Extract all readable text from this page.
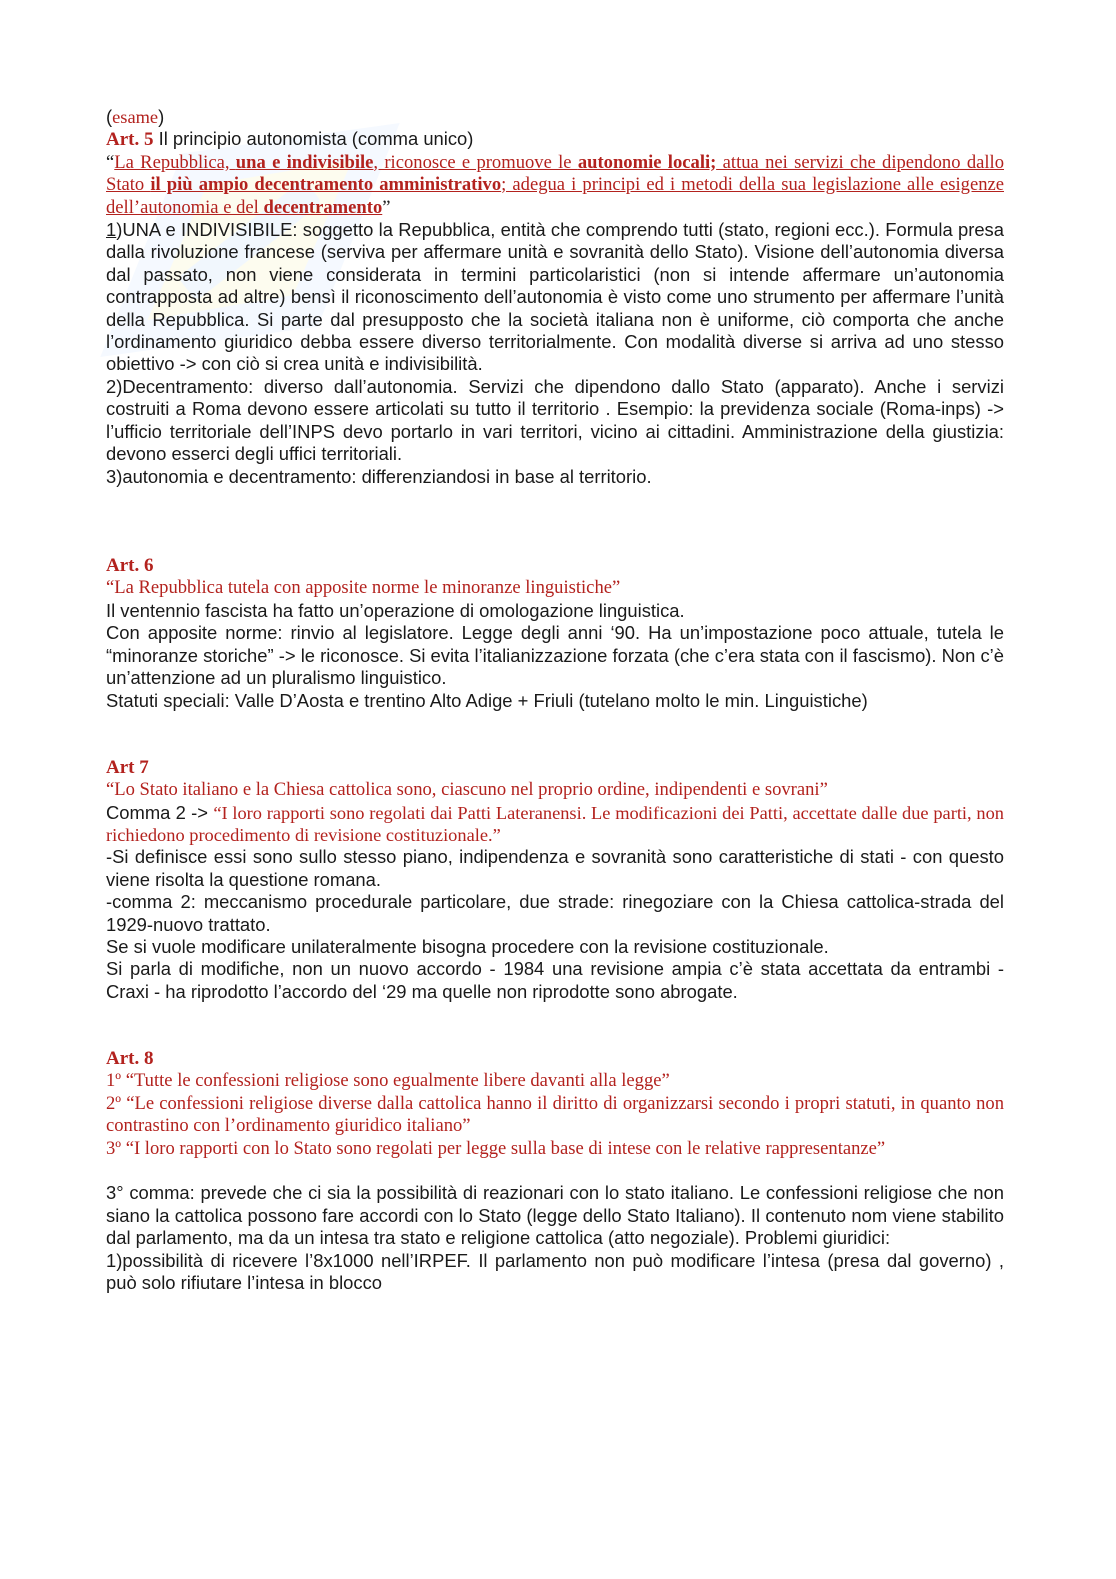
(esame)

Art. 5 Il principio autonomista (comma unico)

“La Repubblica, una e indivisibile, riconosce e promuove le autonomie locali; attua nei servizi che dipendono dallo Stato il più ampio decentramento amministrativo; adegua i principi ed i metodi della sua legislazione alle esigenze dell’autonomia e del decentramento”

1)UNA e INDIVISIBILE: soggetto la Repubblica, entità che comprendo tutti (stato, regioni ecc.). Formula presa dalla rivoluzione francese (serviva per affermare unità e sovranità dello Stato). Visione dell’autonomia diversa dal passato, non viene considerata in termini particolaristici (non si intende affermare un’autonomia contrapposta ad altre) bensì il riconoscimento dell’autonomia è visto come uno strumento per affermare l’unità della Repubblica. Si parte dal presupposto che la società italiana non è uniforme, ciò comporta che anche l’ordinamento giuridico debba essere diverso territorialmente. Con modalità diverse si arriva ad uno stesso obiettivo -> con ciò si crea unità e indivisibilità.

2)Decentramento: diverso dall’autonomia. Servizi che dipendono dallo Stato (apparato). Anche i servizi costruiti a Roma devono essere articolati su tutto il territorio . Esempio: la previdenza sociale (Roma-inps) -> l’ufficio territoriale dell’INPS devo portarlo in vari territori, vicino ai cittadini. Amministrazione della giustizia: devono esserci degli uffici territoriali.

3)autonomia e decentramento: differenziandosi in base al territorio.

Art. 6

“La Repubblica tutela con apposite norme le minoranze linguistiche”

Il ventennio fascista ha fatto un’operazione di omologazione linguistica.

Con apposite norme: rinvio al legislatore. Legge degli anni ‘90. Ha un’impostazione poco attuale, tutela le “minoranze storiche” -> le riconosce. Si evita l’italianizzazione forzata (che c’era stata con il fascismo). Non c’è un’attenzione ad un pluralismo linguistico.

Statuti speciali: Valle D’Aosta e trentino Alto Adige + Friuli (tutelano molto le min. Linguistiche)

Art 7

“Lo Stato italiano e la Chiesa cattolica sono, ciascuno nel proprio ordine, indipendenti e sovrani”

Comma 2 -> “I loro rapporti sono regolati dai Patti Lateranensi. Le modificazioni dei Patti, accettate dalle due parti, non richiedono procedimento di revisione costituzionale.”

-Si definisce essi sono sullo stesso piano, indipendenza e sovranità sono caratteristiche di stati - con questo viene risolta la questione romana.

-comma 2: meccanismo procedurale particolare, due strade: rinegoziare con la Chiesa cattolica-strada del 1929-nuovo trattato.

Se si vuole modificare unilateralmente bisogna procedere con la revisione costituzionale.

Si parla di modifiche, non un nuovo accordo - 1984 una revisione ampia c’è stata accettata da entrambi - Craxi - ha riprodotto l’accordo del ‘29 ma quelle non riprodotte sono abrogate.

Art. 8

1º “Tutte le confessioni religiose sono egualmente libere davanti alla legge”

2º “Le confessioni religiose diverse dalla cattolica hanno il diritto di organizzarsi secondo i propri statuti, in quanto non contrastino con l’ordinamento giuridico italiano”

3º “I loro rapporti con lo Stato sono regolati per legge sulla base di intese con le relative rappresentanze”

3° comma: prevede che ci sia la possibilità di reazionari con lo stato italiano. Le confessioni religiose che non siano la cattolica possono fare accordi con lo Stato (legge dello Stato Italiano). Il contenuto nom viene stabilito dal parlamento, ma da un intesa tra stato e religione cattolica (atto negoziale). Problemi giuridici:

1)possibilità di ricevere l’8x1000 nell’IRPEF. Il parlamento non può modificare l’intesa (presa dal governo) , può solo rifiutare l’intesa in blocco
